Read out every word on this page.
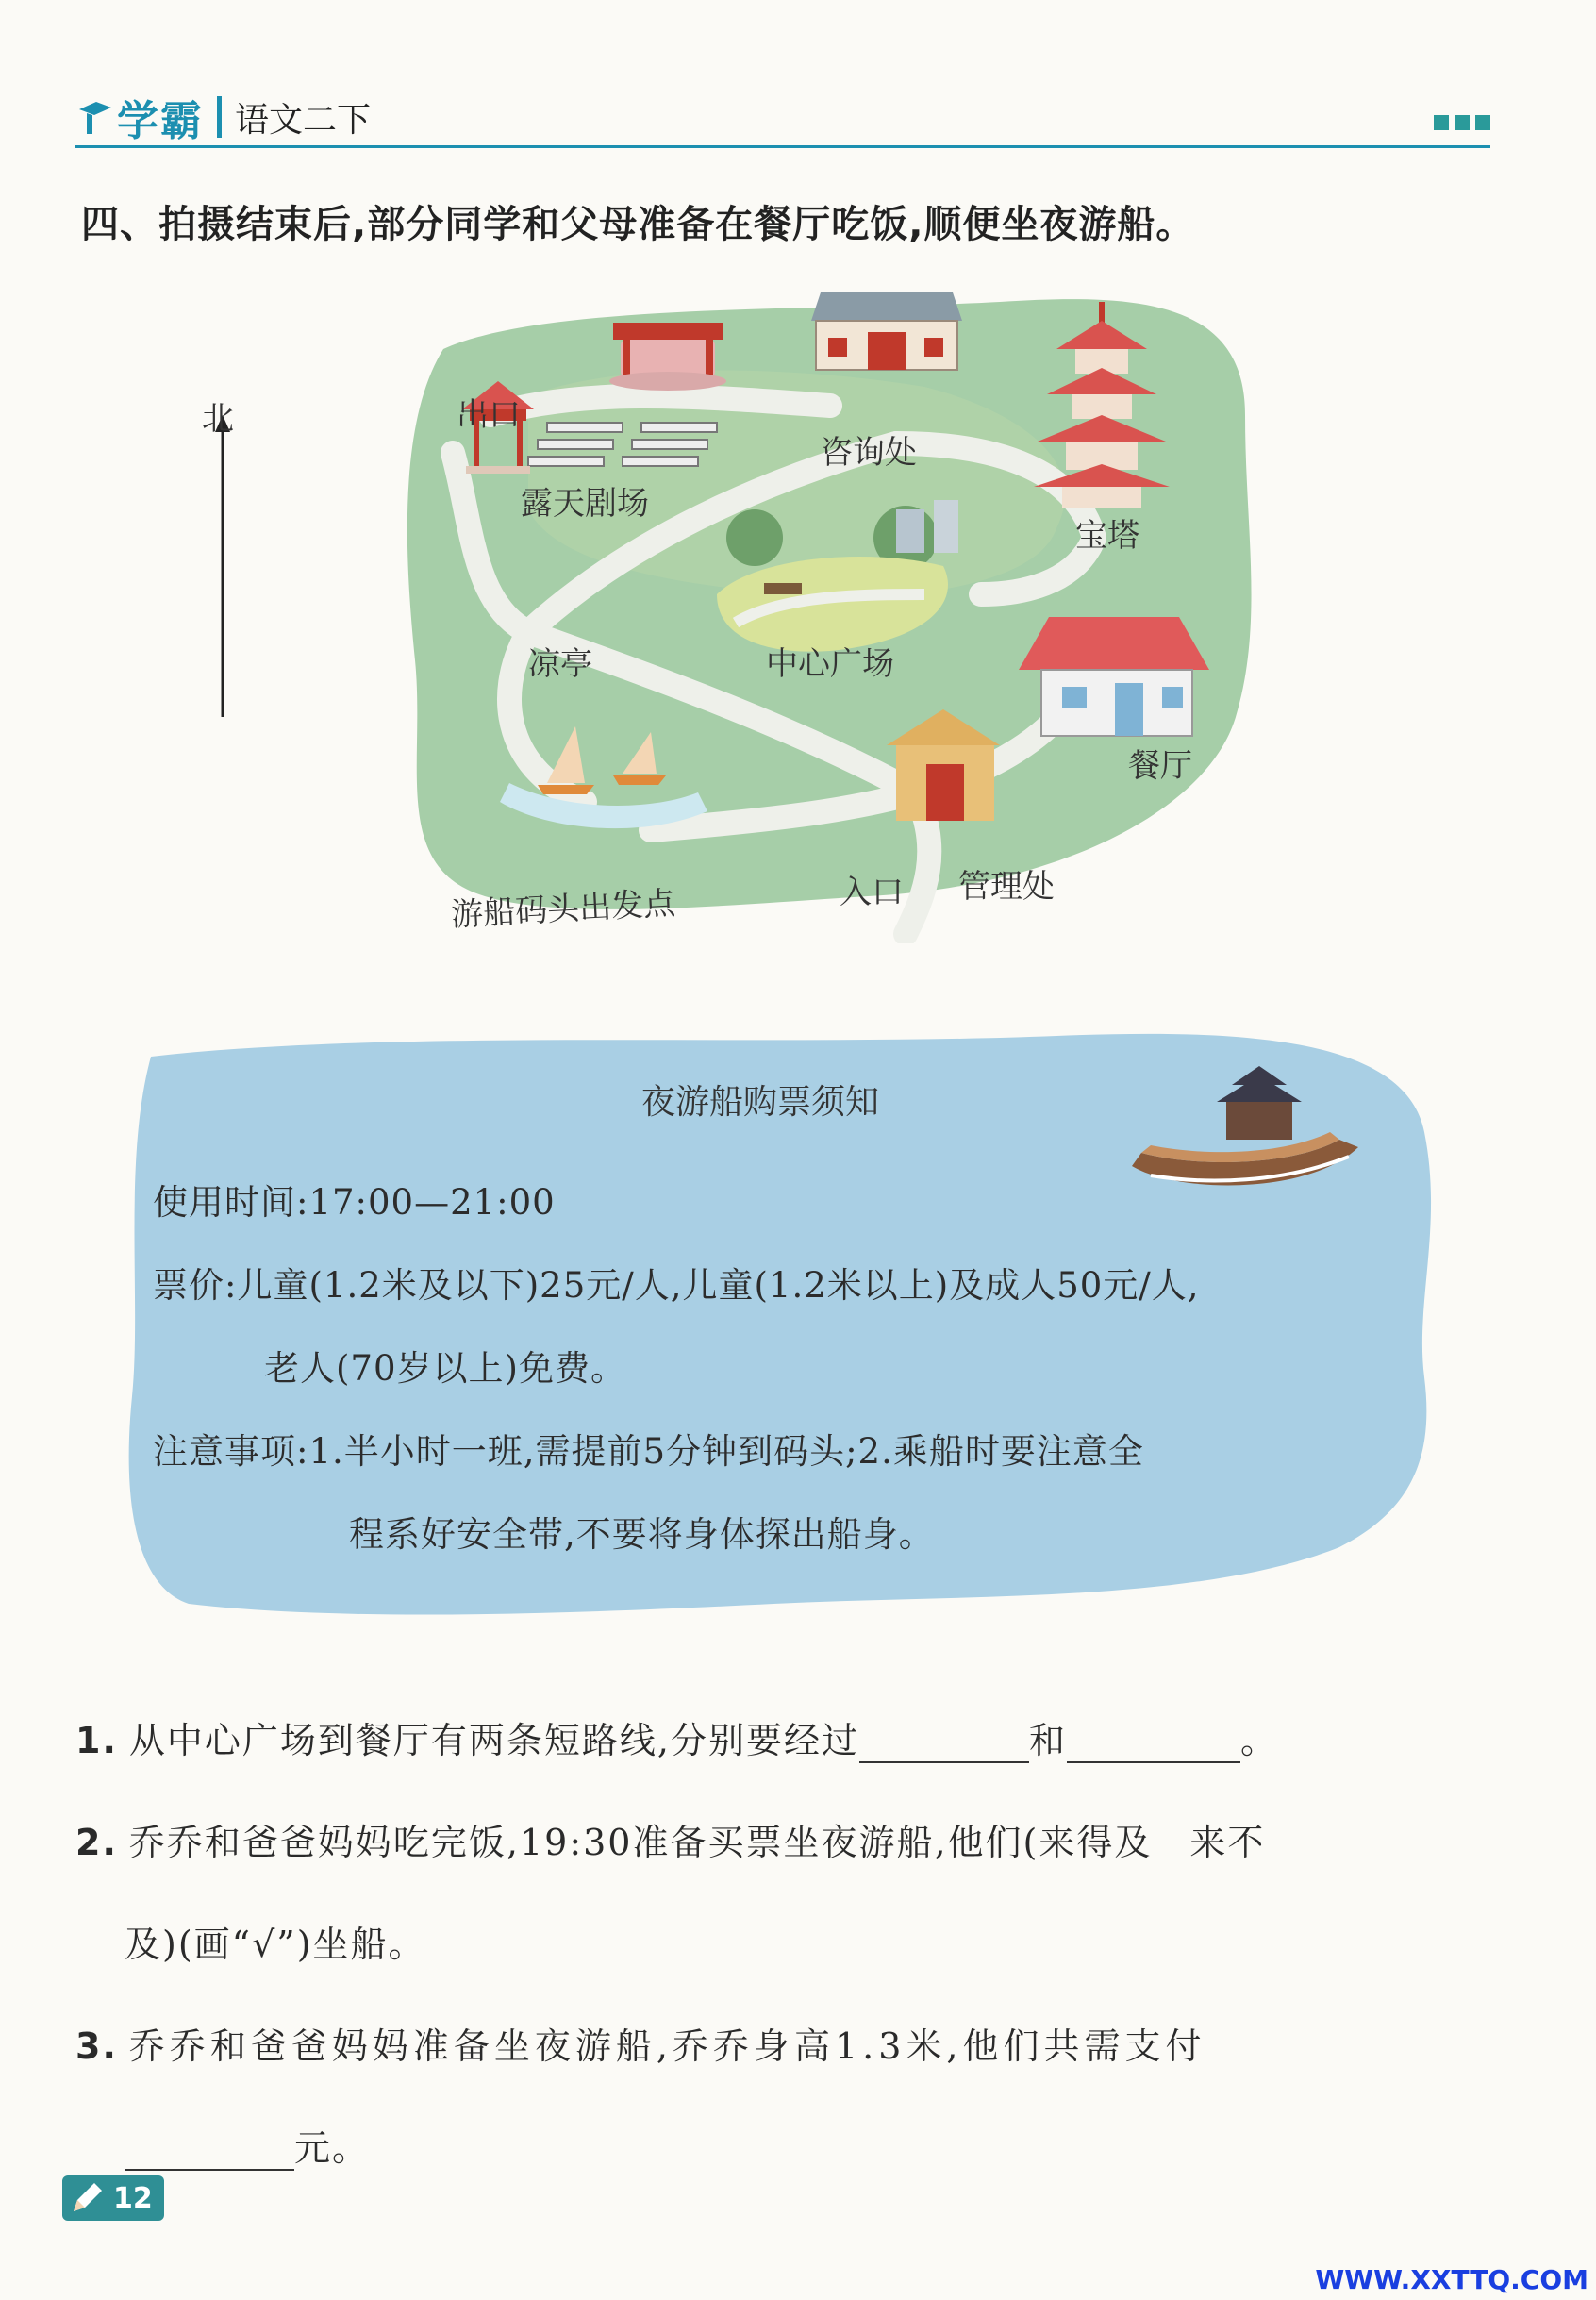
学霸 语文二下
四、拍摄结束后,部分同学和父母准备在餐厅吃饭,顺便坐夜游船。
北	出口
露天剧场
咨询处
宝塔
凉亭	中心广场
餐厅
游船码头出发点	入口 管理处
夜游船购票须知
使用时间:17:00—21:00
票价:儿童(1.2米及以下)25元/人,儿童(1.2米以上)及成人50元/人,
老人(70岁以上)免费。
注意事项:1.半小时一班,需提前5分钟到码头;2.乘船时要注意全
程系好安全带,不要将身体探出船身。
1. 从中心广场到餐厅有两条短路线,分别要经过	和	。
2. 乔乔和爸爸妈妈吃完饭,19:30准备买票坐夜游船,他们(来得及　来不
及)(画“√”)坐船。
3. 乔乔和爸爸妈妈准备坐夜游船,乔乔身高1.3米,他们共需支付
元。
12
WWW.XXTTQ.COM
